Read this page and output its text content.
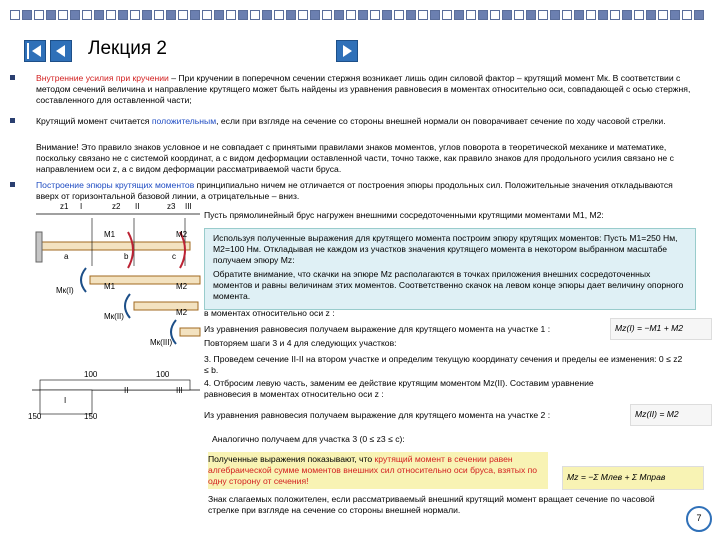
Лекция 2
Внутренние усилия при кручении – При кручении в поперечном сечении стержня возникает лишь один силовой фактор – крутящий момент Mк. В соответствии с методом сечений величина и направление крутящего может быть найдены из уравнения равновесия в моментах относительно оси, совпадающей с осью стержня, составленного для оставленной части;
Крутящий момент считается положительным, если при взгляде на сечение со стороны внешней нормали он поворачивает сечение по ходу часовой стрелки.
Внимание! Это правило знаков условное и не совпадает с принятыми правилами знаков моментов, углов поворота в теоретической механике и математике, поскольку связано не с системой координат, а с видом деформации оставленной части, точно также, как правило знаков для продольного усилия связано не с направлением оси z, а с видом деформации рассматриваемой части бруса.
Построение эпюры крутящих моментов принципиально ничем не отличается от построения эпюры продольных сил. Положительные значения откладываются вверх от горизонтальной базовой линии, а отрицательные – вниз.
z1 I	z2 II	z3 III
a	b	c
M1	M2
M1	M2
M2
Mк(I)
Mк(II)
Mк(III)
100	100
150	150
I
II	III
Пусть прямолинейный брус нагружен внешними сосредоточенными крутящими моментами M1, M2:
Используя полученные выражения для крутящего момента построим эпюру крутящих моментов: Пусть M1=250 Нм, M2=100 Нм. Откладывая не каждом из участков значения крутящего момента в некотором выбранном масштабе получаем эпюру Mz:
Обратите внимание, что скачки на эпюре Mz располагаются в точках приложения внешних сосредоточенных моментов и равны величинам этих моментов. Соответственно скачок на левом конце эпюры дает величину опорного момента.
в моментах относительно оси z :
Из уравнения равновесия получаем выражение для крутящего момента на участке 1 :	Mz(I) = −M1 + M2
Повторяем шаги 3 и 4 для следующих участков:
3. Проведем сечение II-II на втором участке и определим текущую координату сечения и пределы ее изменения: 0 ≤ z2 ≤ b.
4. Отбросим левую часть, заменим ее действие крутящим моментом Mz(II). Составим уравнение равновесия в моментах относительно оси z :
Из уравнения равновесия получаем выражение для крутящего момента на участке 2 :	Mz(II) = M2
Аналогично получаем для участка 3 (0 ≤ z3 ≤ c):
Полученные выражения показывают, что крутящий момент в сечении равен алгебраической сумме моментов внешних сил относительно оси бруса, взятых по одну сторону от сечения!	Mz = −Σ Mлев + Σ Mправ
Знак слагаемых положителен, если рассматриваемый внешний крутящий момент вращает сечение по часовой стрелке при взгляде на сечение со стороны внешней нормали.
7
